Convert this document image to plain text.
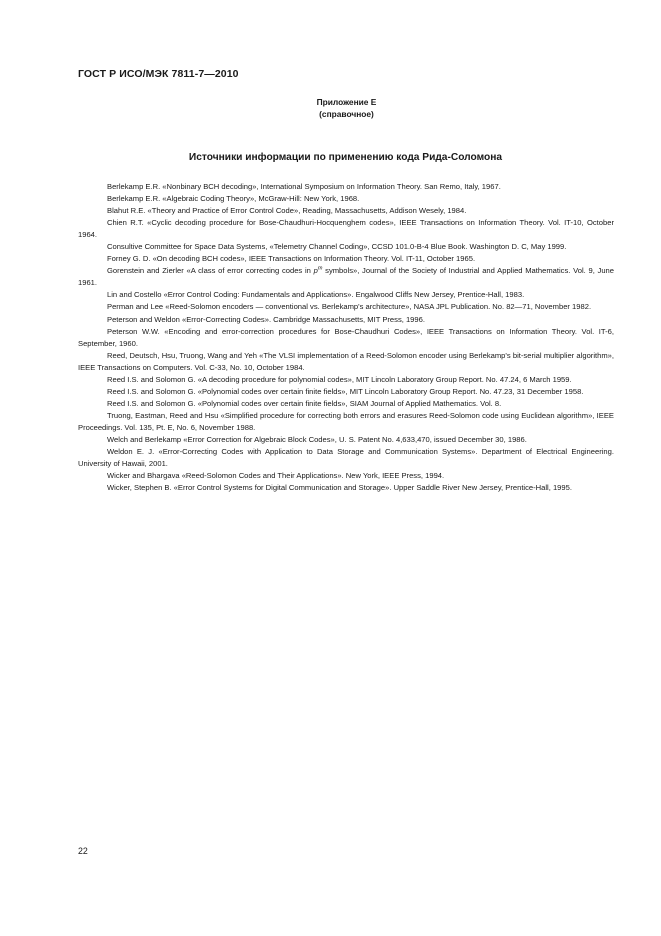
ГОСТ Р ИСО/МЭК 7811-7—2010
Приложение Е
(справочное)
Источники информации по применению кода Рида-Соломона

Berlekamp E.R. «Nonbinary BCH decoding», International Symposium on Information Theory. San Remo, Italy, 1967.

Berlekamp E.R. «Algebraic Coding Theory», McGraw-Hill: New York, 1968.

Blahut R.E. «Theory and Practice of Error Control Code», Reading, Massachusetts, Addison Wesely, 1984.

Chien R.T. «Cyclic decoding procedure for Bose-Chaudhuri-Hocquenghem codes», IEEE Transactions on Information Theory. Vol. IT-10, October 1964.

Consultive Committee for Space Data Systems, «Telemetry Channel Coding», CCSD 101.0-B-4 Blue Book. Washington D. C, May 1999.

Forney G. D. «On decoding BCH codes», IEEE Transactions on Information Theory. Vol. IT-11, October 1965.

Gorenstein and Zierler «A class of error correcting codes in $p^m$ symbols», Journal of the Society of Industrial and Applied Mathematics. Vol. 9, June 1961.

Lin and Costello «Error Control Coding: Fundamentals and Applications». Engalwood Cliffs New Jersey, Prentice-Hall, 1983.

Perman and Lee «Reed-Solomon encoders — conventional vs. Berlekamp's architecture», NASA JPL Publication. No. 82—71, November 1982.

Peterson and Weldon «Error-Correcting Codes». Cambridge Massachusetts, MIT Press, 1996.

Peterson W.W. «Encoding and error-correction procedures for Bose-Chaudhuri Codes», IEEE Transactions on Information Theory. Vol. IT-6, September, 1960.

Reed, Deutsch, Hsu, Truong, Wang and Yeh «The VLSI implementation of a Reed-Solomon encoder using Berlekamp's bit-serial multiplier algorithm», IEEE Transactions on Computers. Vol. C-33, No. 10, October 1984.

Reed I.S. and Solomon G. «A decoding procedure for polynomial codes», MIT Lincoln Laboratory Group Report. No. 47.24, 6 March 1959.

Reed I.S. and Solomon G. «Polynomial codes over certain finite fields», MIT Lincoln Laboratory Group Report. No. 47.23, 31 December 1958.

Reed I.S. and Solomon G. «Polynomial codes over certain finite fields», SIAM Journal of Applied Mathematics. Vol. 8.

Truong, Eastman, Reed and Hsu «Simplified procedure for correcting both errors and erasures Reed-Solomon code using Euclidean algorithm», IEEE Proceedings. Vol. 135, Pt. E, No. 6, November 1988.

Welch and Berlekamp «Error Correction for Algebraic Block Codes», U. S. Patent No. 4,633,470, issued December 30, 1986.

Weldon E. J. «Error-Correcting Codes with Application to Data Storage and Communication Systems». Department of Electrical Engineering. University of Hawaii, 2001.

Wicker and Bhargava «Reed-Solomon Codes and Their Applications». New York, IEEE Press, 1994.

Wicker, Stephen B. «Error Control Systems for Digital Communication and Storage». Upper Saddle River New Jersey, Prentice-Hall, 1995.

22
